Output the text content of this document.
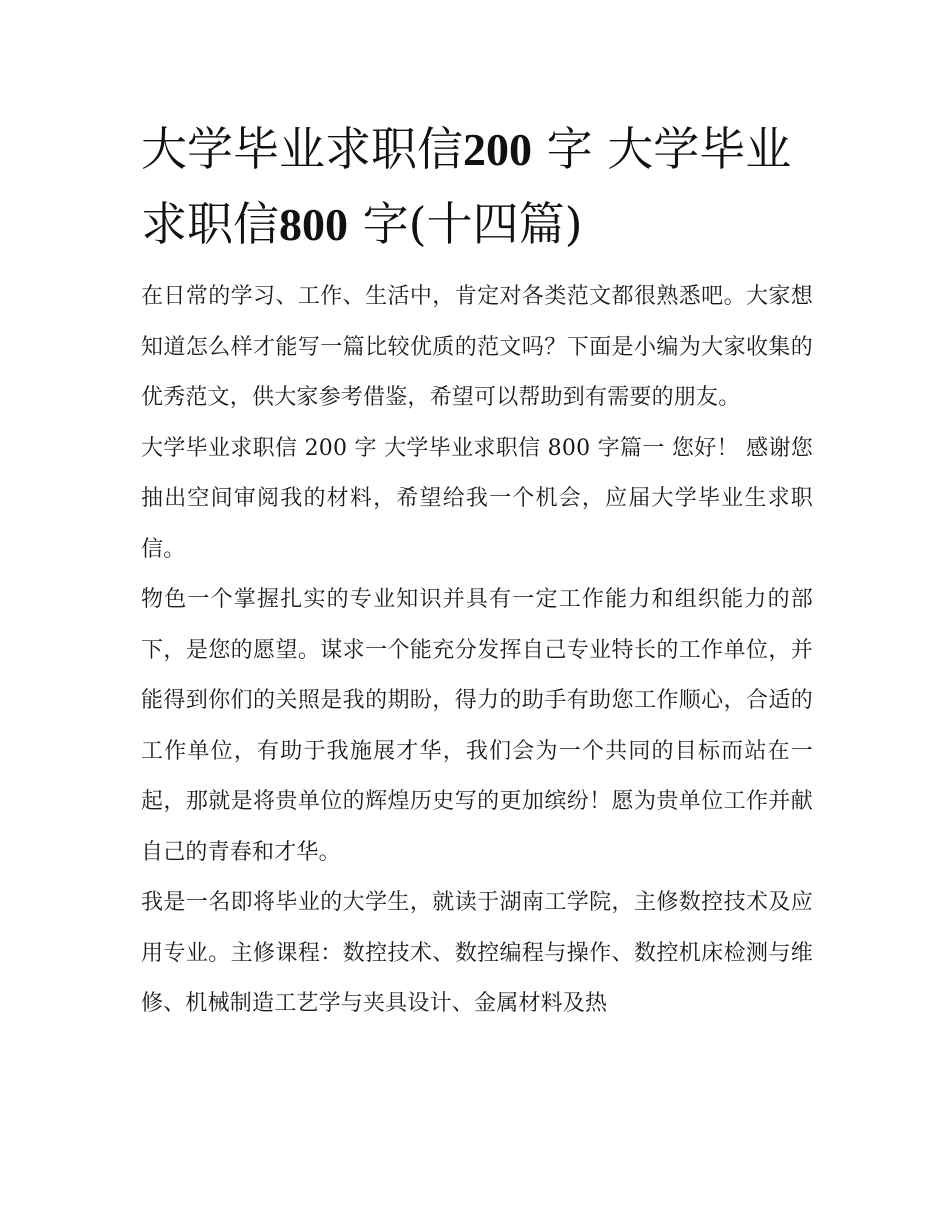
大学毕业求职信200 字 大学毕业求职信800 字(十四篇)

在日常的学习、工作、生活中，肯定对各类范文都很熟悉吧。大家想知道怎么样才能写一篇比较优质的范文吗？下面是小编为大家收集的优秀范文，供大家参考借鉴，希望可以帮助到有需要的朋友。

大学毕业求职信 200 字 大学毕业求职信 800 字篇一 您好！ 感谢您抽出空间审阅我的材料，希望给我一个机会，应届大学毕业生求职信。

物色一个掌握扎实的专业知识并具有一定工作能力和组织能力的部下，是您的愿望。谋求一个能充分发挥自己专业特长的工作单位，并能得到你们的关照是我的期盼，得力的助手有助您工作顺心，合适的工作单位，有助于我施展才华，我们会为一个共同的目标而站在一起，那就是将贵单位的辉煌历史写的更加缤纷！愿为贵单位工作并献自己的青春和才华。

我是一名即将毕业的大学生，就读于湖南工学院，主修数控技术及应用专业。主修课程：数控技术、数控编程与操作、数控机床检测与维修、机械制造工艺学与夹具设计、金属材料及热
